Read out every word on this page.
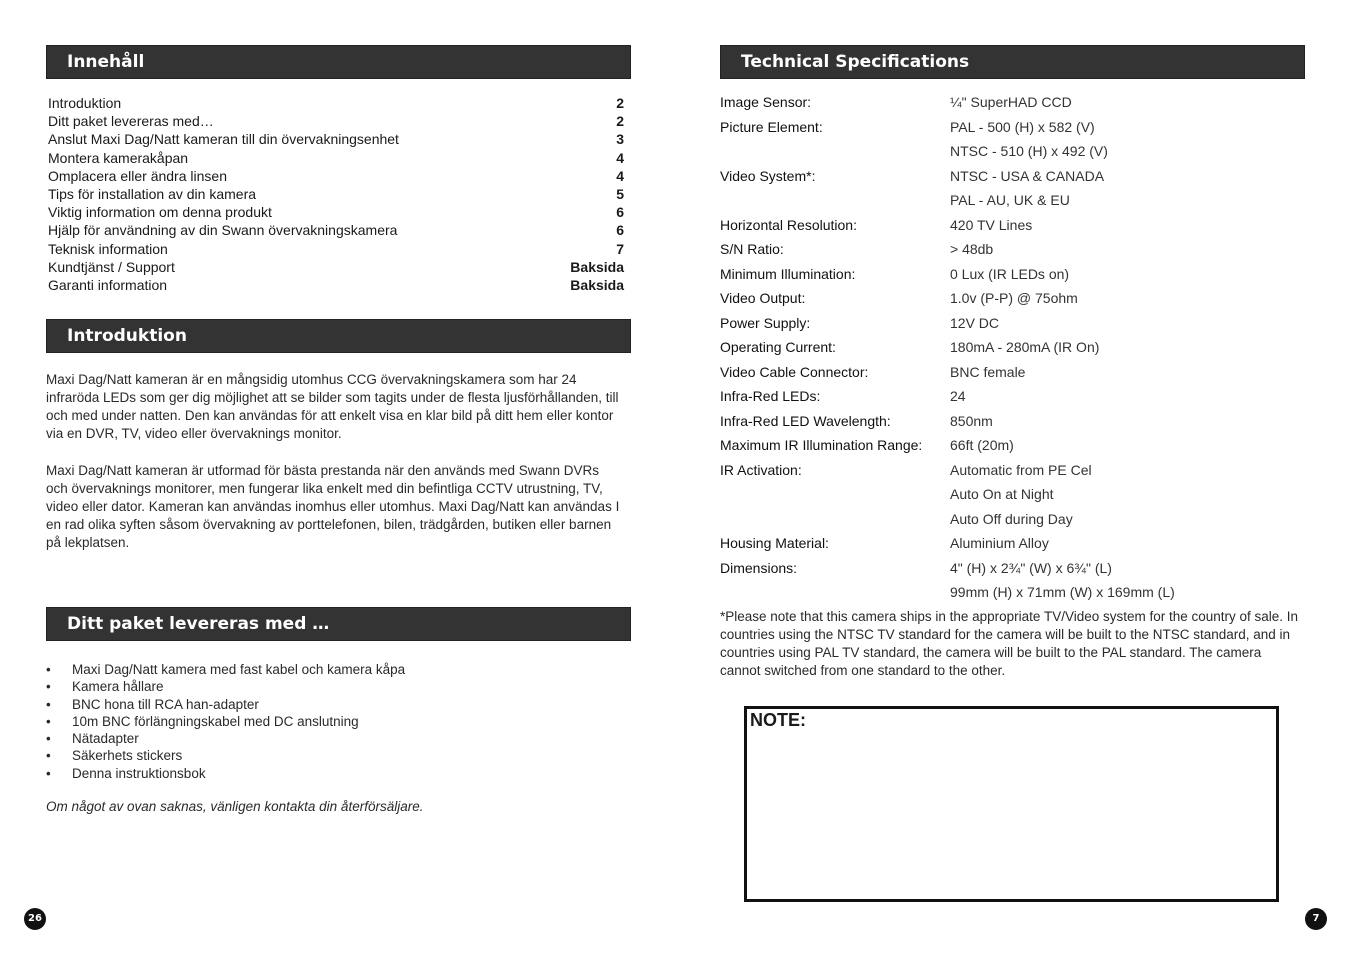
Innehåll
Introduktion	2
Ditt paket levereras med…	2
Anslut Maxi Dag/Natt kameran till din övervakningsenhet	3
Montera kamerakåpan	4
Omplacera eller ändra linsen	4
Tips för installation av din kamera	5
Viktig information om denna produkt	6
Hjälp för användning av din Swann övervakningskamera	6
Teknisk information	7
Kundtjänst / Support	Baksida
Garanti information	Baksida
Introduktion

Maxi Dag/Natt kameran är en mångsidig utomhus CCG övervakningskamera som har 24 infraröda LEDs som ger dig möjlighet att se bilder som tagits under de flesta ljusförhållanden, till och med under natten. Den kan användas för att enkelt visa en klar bild på ditt hem eller kontor via en DVR, TV, video eller övervaknings monitor.

Maxi Dag/Natt kameran är utformad för bästa prestanda när den används med Swann DVRs och övervaknings monitorer, men fungerar lika enkelt med din befintliga CCTV utrustning, TV, video eller dator. Kameran kan användas inomhus eller utomhus. Maxi Dag/Natt kan användas I en rad olika syften såsom övervakning av porttelefonen, bilen, trädgården, butiken eller barnen på lekplatsen.

Ditt paket levereras med …
• Maxi Dag/Natt kamera med fast kabel och kamera kåpa
• Kamera hållare
• BNC hona till RCA han-adapter
• 10m BNC förlängningskabel med DC anslutning
• Nätadapter
• Säkerhets stickers
• Denna instruktionsbok
Om något av ovan saknas, vänligen kontakta din återförsäljare.
26
Technical Specifications
Image Sensor:	¼" SuperHAD CCD
Picture Element:	PAL - 500 (H) x 582 (V)
NTSC - 510 (H) x 492 (V)
Video System*:	NTSC - USA & CANADA
PAL - AU, UK & EU
Horizontal Resolution:	420 TV Lines
S/N Ratio:	> 48db
Minimum Illumination:	0 Lux (IR LEDs on)
Video Output:	1.0v (P-P) @ 75ohm
Power Supply:	12V DC
Operating Current:	180mA - 280mA (IR On)
Video Cable Connector:	BNC female
Infra-Red LEDs:	24
Infra-Red LED Wavelength:	850nm
Maximum IR Illumination Range:	66ft (20m)
IR Activation:	Automatic from PE Cel
Auto On at Night
Auto Off during Day
Housing Material:	Aluminium Alloy
Dimensions:	4" (H) x 2¾" (W) x 6¾" (L)
99mm (H) x 71mm (W) x 169mm (L)

*Please note that this camera ships in the appropriate TV/Video system for the country of sale. In countries using the NTSC TV standard for the camera will be built to the NTSC standard, and in countries using PAL TV standard, the camera will be built to the PAL standard. The camera cannot switched from one standard to the other.

NOTE:
7
